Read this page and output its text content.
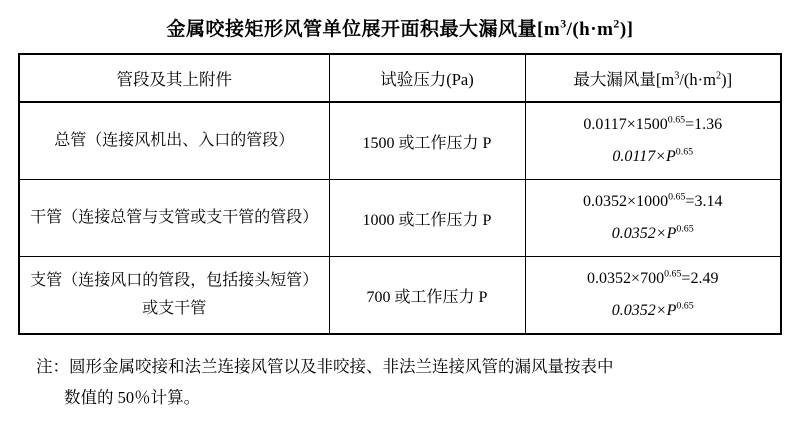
金属咬接矩形风管单位展开面积最大漏风量$[m^3/(h\cdot m^2)]$
管段及其上附件	试验压力(Pa)	最大漏风量$[m^3/(h\cdot m^2)]$
总管（连接风机出、入口的管段）	1500 或工作压力 P	$0.0117\times 1500^{0.65}=1.36$
$0.0117\times P^{0.65}$

干管（连接总管与支管或支干管的管段）	1000 或工作压力 P	$0.0352\times 1000^{0.65}=3.14$
$0.0352\times P^{0.65}$

支管（连接风口的管段，包括接头短管）或支干管	700 或工作压力 P	$0.0352\times 700^{0.65}=2.49$
$0.0352\times P^{0.65}$
注：圆形金属咬接和法兰连接风管以及非咬接、非法兰连接风管的漏风量按表中
数值的 50％计算。
